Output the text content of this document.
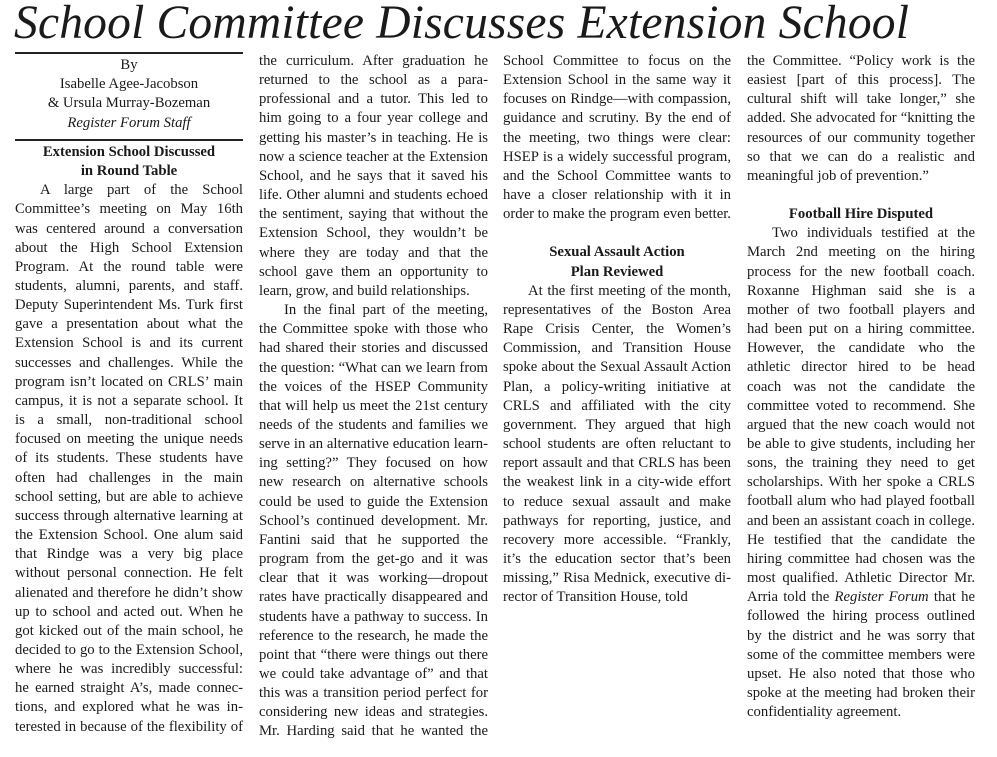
School Committee Discusses Extension School
By
Isabelle Agee-Jacobson
& Ursula Murray-Bozeman
Register Forum Staff

Extension School Discussed

in Round Table

A large part of the School Committee’s meeting on May 16th was centered around a conversation about the High School Extension Program. At the round table were students, alumni, parents, and staff. Deputy Superintendent Ms. Turk first gave a presentation about what the Extension School is and its current successes and challenges. While the program isn’t located on CRLS’ main campus, it is not a separate school. It is a small, non-traditional school focused on meeting the unique needs of its students. These students have often had challenges in the main school setting, but are able to achieve success through alternative learning at the Extension School. One alum said that Rindge was a very big place without personal connection. He felt alienated and therefore he didn’t show up to school and acted out. When he got kicked out of the main school, he decided to go to the Extension School, where he was incredibly successful: he earned straight A’s, made connections, and explored what he was interested in because of the flexibility of

the curriculum. After graduation he returned to the school as a paraprofessional and a tutor. This led to him going to a four year college and getting his master’s in teaching. He is now a science teacher at the Extension School, and he says that it saved his life. Other alumni and students echoed the sentiment, saying that without the Extension School, they wouldn’t be where they are today and that the school gave them an opportunity to learn, grow, and build relationships.

In the final part of the meeting, the Committee spoke with those who had shared their stories and discussed the question: “What can we learn from the voices of the HSEP Community that will help us meet the 21st century needs of the students and families we serve in an alternative education learning setting?” They focused on how new research on alternative schools could be used to guide the Extension School’s continued development. Mr. Fantini said that he supported the program from the get-go and it was clear that it was working—dropout rates have practically disappeared and students have a pathway to success. In reference to the research, he made the point that “there were things out there we could take advantage of” and that this was a transition period perfect for considering new ideas and strategies. Mr. Harding said that he wanted the

School Committee to focus on the Extension School in the same way it focuses on Rindge—with compassion, guidance and scrutiny. By the end of the meeting, two things were clear: HSEP is a widely successful program, and the School Committee wants to have a closer relationship with it in order to make the program even better.

Sexual Assault Action

Plan Reviewed

At the first meeting of the month, representatives of the Boston Area Rape Crisis Center, the Women’s Commission, and Transition House spoke about the Sexual Assault Action Plan, a policy-writing initiative at CRLS and affiliated with the city government. They argued that high school students are often reluctant to report assault and that CRLS has been the weakest link in a city-wide effort to reduce sexual assault and make pathways for reporting, justice, and recovery more accessible. “Frankly, it’s the education sector that’s been missing,” Risa Mednick, executive director of Transition House, told

the Committee. “Policy work is the easiest [part of this process]. The cultural shift will take longer,” she added. She advocated for “knitting the resources of our community together so that we can do a realistic and meaningful job of prevention.”

Football Hire Disputed

Two individuals testified at the March 2nd meeting on the hiring process for the new football coach. Roxanne Highman said she is a mother of two football players and had been put on a hiring committee. However, the candidate who the athletic director hired to be head coach was not the candidate the committee voted to recommend. She argued that the new coach would not be able to give students, including her sons, the training they need to get scholarships. With her spoke a CRLS football alum who had played football and been an assistant coach in college. He testified that the candidate the hiring committee had chosen was the most qualified. Athletic Director Mr. Arria told the Register Forum that he followed the hiring process outlined by the district and he was sorry that some of the committee members were upset. He also noted that those who spoke at the meeting had broken their confidentiality agreement.
